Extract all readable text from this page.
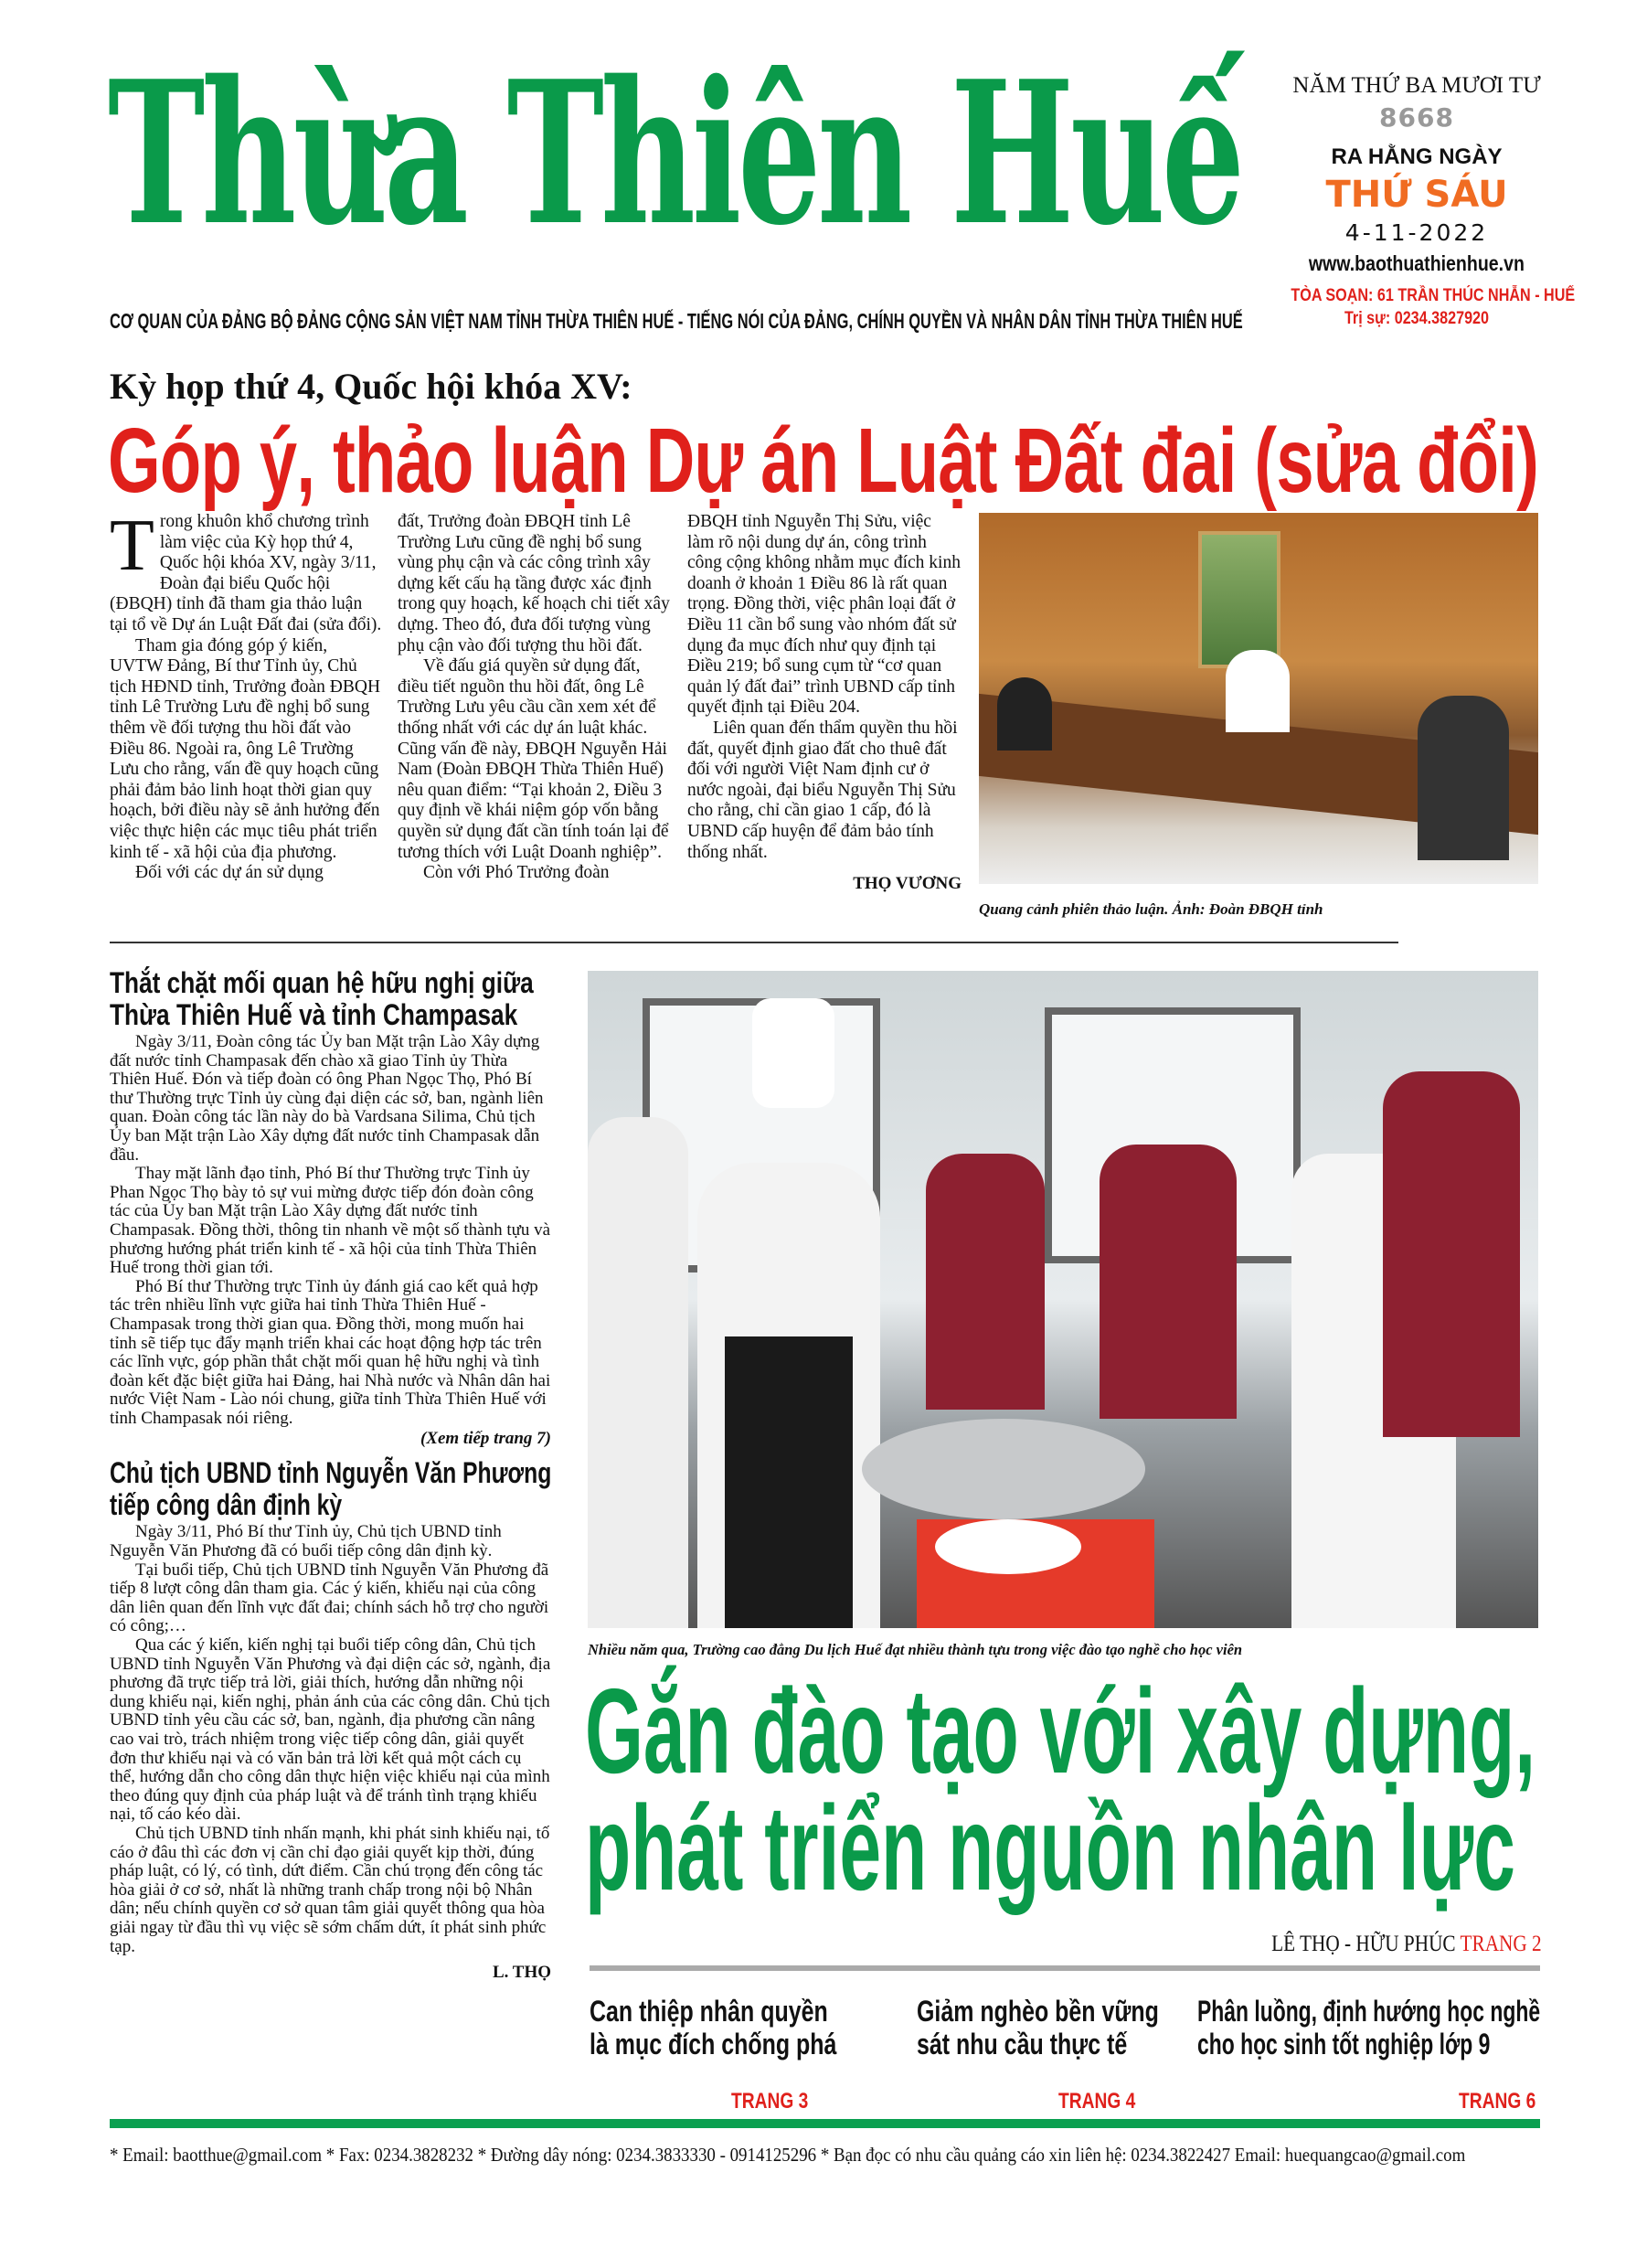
Thừa Thiên Huế
CƠ QUAN CỦA ĐẢNG BỘ ĐẢNG CỘNG SẢN VIỆT NAM TỈNH THỪA THIÊN HUẾ - TIẾNG NÓI CỦA ĐẢNG, CHÍNH QUYỀN VÀ NHÂN DÂN TỈNH THỪA THIÊN HUẾ
NĂM THỨ BA MƯƠI TƯ
8668
RA HẰNG NGÀY
THỨ SÁU
4-11-2022
www.baothuathienhue.vn
TÒA SOẠN: 61 TRẦN THÚC NHẪN - HUẾ
Trị sự: 0234.3827920
Kỳ họp thứ 4, Quốc hội khóa XV:
Góp ý, thảo luận Dự án Luật Đất đai (sửa đổi)

Trong khuôn khổ chương trình làm việc của Kỳ họp thứ 4, Quốc hội khóa XV, ngày 3/11, Đoàn đại biểu Quốc hội (ĐBQH) tỉnh đã tham gia thảo luận tại tổ về Dự án Luật Đất đai (sửa đổi).

Tham gia đóng góp ý kiến, UVTW Đảng, Bí thư Tỉnh ủy, Chủ tịch HĐND tỉnh, Trưởng đoàn ĐBQH tỉnh Lê Trường Lưu đề nghị bổ sung thêm về đối tượng thu hồi đất vào Điều 86. Ngoài ra, ông Lê Trường Lưu cho rằng, vấn đề quy hoạch cũng phải đảm bảo linh hoạt thời gian quy hoạch, bởi điều này sẽ ảnh hưởng đến việc thực hiện các mục tiêu phát triển kinh tế - xã hội của địa phương.

Đối với các dự án sử dụng

đất, Trưởng đoàn ĐBQH tỉnh Lê Trường Lưu cũng đề nghị bổ sung vùng phụ cận và các công trình xây dựng kết cấu hạ tầng được xác định trong quy hoạch, kế hoạch chi tiết xây dựng. Theo đó, đưa đối tượng vùng phụ cận vào đối tượng thu hồi đất.

Về đấu giá quyền sử dụng đất, điều tiết nguồn thu hồi đất, ông Lê Trường Lưu yêu cầu cần xem xét để thống nhất với các dự án luật khác. Cũng vấn đề này, ĐBQH Nguyễn Hải Nam (Đoàn ĐBQH Thừa Thiên Huế) nêu quan điểm: “Tại khoản 2, Điều 3 quy định về khái niệm góp vốn bằng quyền sử dụng đất cần tính toán lại để tương thích với Luật Doanh nghiệp”.

Còn với Phó Trưởng đoàn

ĐBQH tỉnh Nguyễn Thị Sửu, việc làm rõ nội dung dự án, công trình công cộng không nhằm mục đích kinh doanh ở khoản 1 Điều 86 là rất quan trọng. Đồng thời, việc phân loại đất ở Điều 11 cần bổ sung vào nhóm đất sử dụng đa mục đích như quy định tại Điều 219; bổ sung cụm từ “cơ quan quản lý đất đai” trình UBND cấp tỉnh quyết định tại Điều 204.

Liên quan đến thẩm quyền thu hồi đất, quyết định giao đất cho thuê đất đối với người Việt Nam định cư ở nước ngoài, đại biểu Nguyễn Thị Sửu cho rằng, chỉ cần giao 1 cấp, đó là UBND cấp huyện để đảm bảo tính thống nhất.

THỌ VƯƠNG
Quang cảnh phiên thảo luận. Ảnh: Đoàn ĐBQH tỉnh
Thắt chặt mối quan hệ hữu nghị giữa
Thừa Thiên Huế và tỉnh Champasak

Ngày 3/11, Đoàn công tác Ủy ban Mặt trận Lào Xây dựng đất nước tỉnh Champasak đến chào xã giao Tỉnh ủy Thừa Thiên Huế. Đón và tiếp đoàn có ông Phan Ngọc Thọ, Phó Bí thư Thường trực Tỉnh ủy cùng đại diện các sở, ban, ngành liên quan. Đoàn công tác lần này do bà Vardsana Silima, Chủ tịch Ủy ban Mặt trận Lào Xây dựng đất nước tỉnh Champasak dẫn đầu.

Thay mặt lãnh đạo tỉnh, Phó Bí thư Thường trực Tỉnh ủy Phan Ngọc Thọ bày tỏ sự vui mừng được tiếp đón đoàn công tác của Ủy ban Mặt trận Lào Xây dựng đất nước tỉnh Champasak. Đồng thời, thông tin nhanh về một số thành tựu và phương hướng phát triển kinh tế - xã hội của tỉnh Thừa Thiên Huế trong thời gian tới.

Phó Bí thư Thường trực Tỉnh ủy đánh giá cao kết quả hợp tác trên nhiều lĩnh vực giữa hai tỉnh Thừa Thiên Huế - Champasak trong thời gian qua. Đồng thời, mong muốn hai tỉnh sẽ tiếp tục đẩy mạnh triển khai các hoạt động hợp tác trên các lĩnh vực, góp phần thắt chặt mối quan hệ hữu nghị và tình đoàn kết đặc biệt giữa hai Đảng, hai Nhà nước và Nhân dân hai nước Việt Nam - Lào nói chung, giữa tỉnh Thừa Thiên Huế với tỉnh Champasak nói riêng.

(Xem tiếp trang 7)
Chủ tịch UBND tỉnh Nguyễn Văn Phương
tiếp công dân định kỳ

Ngày 3/11, Phó Bí thư Tỉnh ủy, Chủ tịch UBND tỉnh Nguyễn Văn Phương đã có buổi tiếp công dân định kỳ.

Tại buổi tiếp, Chủ tịch UBND tỉnh Nguyễn Văn Phương đã tiếp 8 lượt công dân tham gia. Các ý kiến, khiếu nại của công dân liên quan đến lĩnh vực đất đai; chính sách hỗ trợ cho người có công;…

Qua các ý kiến, kiến nghị tại buổi tiếp công dân, Chủ tịch UBND tỉnh Nguyễn Văn Phương và đại diện các sở, ngành, địa phương đã trực tiếp trả lời, giải thích, hướng dẫn những nội dung khiếu nại, kiến nghị, phản ánh của các công dân. Chủ tịch UBND tỉnh yêu cầu các sở, ban, ngành, địa phương cần nâng cao vai trò, trách nhiệm trong việc tiếp công dân, giải quyết đơn thư khiếu nại và có văn bản trả lời kết quả một cách cụ thể, hướng dẫn cho công dân thực hiện việc khiếu nại của mình theo đúng quy định của pháp luật và để tránh tình trạng khiếu nại, tố cáo kéo dài.

Chủ tịch UBND tỉnh nhấn mạnh, khi phát sinh khiếu nại, tố cáo ở đâu thì các đơn vị cần chỉ đạo giải quyết kịp thời, đúng pháp luật, có lý, có tình, dứt điểm. Cần chú trọng đến công tác hòa giải ở cơ sở, nhất là những tranh chấp trong nội bộ Nhân dân; nếu chính quyền cơ sở quan tâm giải quyết thông qua hòa giải ngay từ đầu thì vụ việc sẽ sớm chấm dứt, ít phát sinh phức tạp.

L. THỌ
Nhiều năm qua, Trường cao đẳng Du lịch Huế đạt nhiều thành tựu trong việc đào tạo nghề cho học viên
Gắn đào tạo với xây dựng,
phát triển nguồn nhân lực
LÊ THỌ - HỮU PHÚC TRANG 2
Can thiệp nhân quyền
là mục đích chống phá
TRANG 3
Giảm nghèo bền vững
sát nhu cầu thực tế
TRANG 4
Phân luồng, định hướng học nghề
cho học sinh tốt nghiệp lớp 9
TRANG 6
* Email: baotthue@gmail.com * Fax: 0234.3828232 * Đường dây nóng: 0234.3833330 - 0914125296 * Bạn đọc có nhu cầu quảng cáo xin liên hệ: 0234.3822427 Email: huequangcao@gmail.com
